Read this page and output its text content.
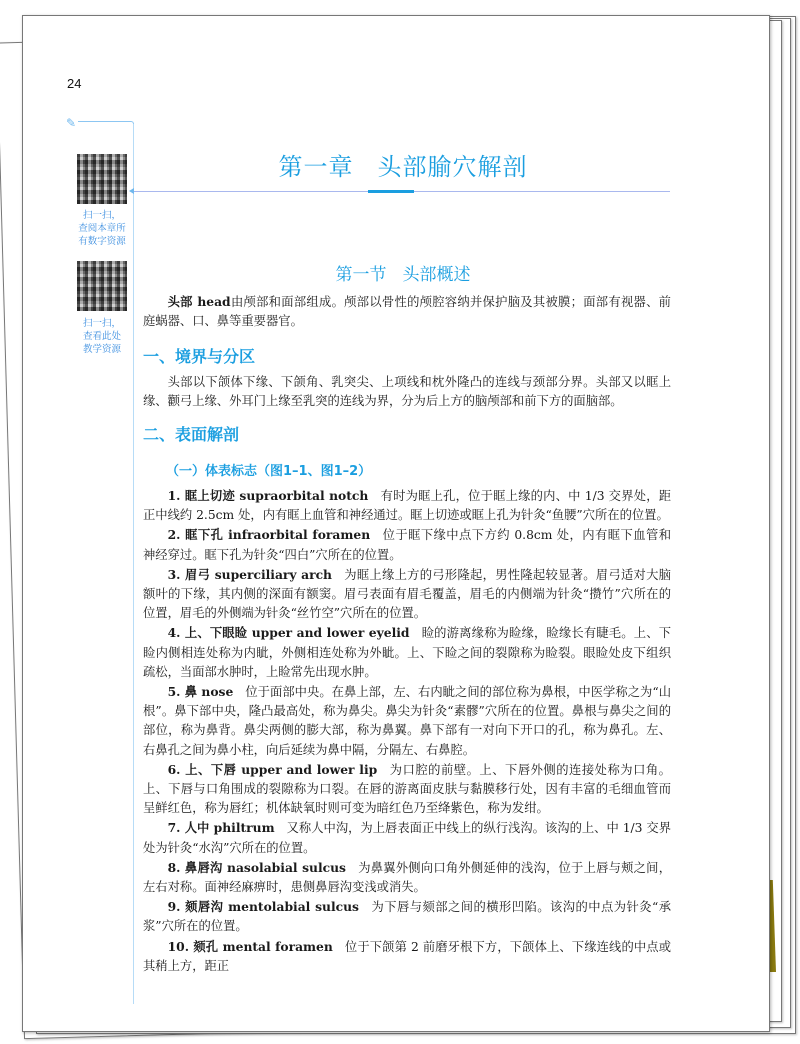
24
✎
扫一扫，
查阅本章所
有数字资源
扫一扫，
查看此处
教学资源
第一章 头部腧穴解剖
第一节 头部概述

头部 head由颅部和面部组成。颅部以骨性的颅腔容纳并保护脑及其被膜；面部有视器、前庭蜗器、口、鼻等重要器官。

一、境界与分区

头部以下颌体下缘、下颌角、乳突尖、上项线和枕外隆凸的连线与颈部分界。头部又以眶上缘、颧弓上缘、外耳门上缘至乳突的连线为界，分为后上方的脑颅部和前下方的面脑部。

二、表面解剖
（一）体表标志（图1–1、图1–2）

1. 眶上切迹 supraorbital notch 有时为眶上孔，位于眶上缘的内、中 1/3 交界处，距正中线约 2.5cm 处，内有眶上血管和神经通过。眶上切迹或眶上孔为针灸“鱼腰”穴所在的位置。

2. 眶下孔 infraorbital foramen 位于眶下缘中点下方约 0.8cm 处，内有眶下血管和神经穿过。眶下孔为针灸“四白”穴所在的位置。

3. 眉弓 superciliary arch 为眶上缘上方的弓形隆起，男性隆起较显著。眉弓适对大脑额叶的下缘，其内侧的深面有额窦。眉弓表面有眉毛覆盖，眉毛的内侧端为针灸“攒竹”穴所在的位置，眉毛的外侧端为针灸“丝竹空”穴所在的位置。

4. 上、下眼睑 upper and lower eyelid 睑的游离缘称为睑缘，睑缘长有睫毛。上、下睑内侧相连处称为内眦，外侧相连处称为外眦。上、下睑之间的裂隙称为睑裂。眼睑处皮下组织疏松，当面部水肿时，上睑常先出现水肿。

5. 鼻 nose 位于面部中央。在鼻上部，左、右内眦之间的部位称为鼻根，中医学称之为“山根”。鼻下部中央，隆凸最高处，称为鼻尖。鼻尖为针灸“素髎”穴所在的位置。鼻根与鼻尖之间的部位，称为鼻背。鼻尖两侧的膨大部，称为鼻翼。鼻下部有一对向下开口的孔，称为鼻孔。左、右鼻孔之间为鼻小柱，向后延续为鼻中隔，分隔左、右鼻腔。

6. 上、下唇 upper and lower lip 为口腔的前壁。上、下唇外侧的连接处称为口角。上、下唇与口角围成的裂隙称为口裂。在唇的游离面皮肤与黏膜移行处，因有丰富的毛细血管而呈鲜红色，称为唇红；机体缺氧时则可变为暗红色乃至绛紫色，称为发绀。

7. 人中 philtrum 又称人中沟，为上唇表面正中线上的纵行浅沟。该沟的上、中 1/3 交界处为针灸“水沟”穴所在的位置。

8. 鼻唇沟 nasolabial sulcus 为鼻翼外侧向口角外侧延伸的浅沟，位于上唇与颊之间，左右对称。面神经麻痹时，患侧鼻唇沟变浅或消失。

9. 颏唇沟 mentolabial sulcus 为下唇与颏部之间的横形凹陷。该沟的中点为针灸“承浆”穴所在的位置。

10. 颏孔 mental foramen 位于下颌第 2 前磨牙根下方，下颌体上、下缘连线的中点或其稍上方，距正
